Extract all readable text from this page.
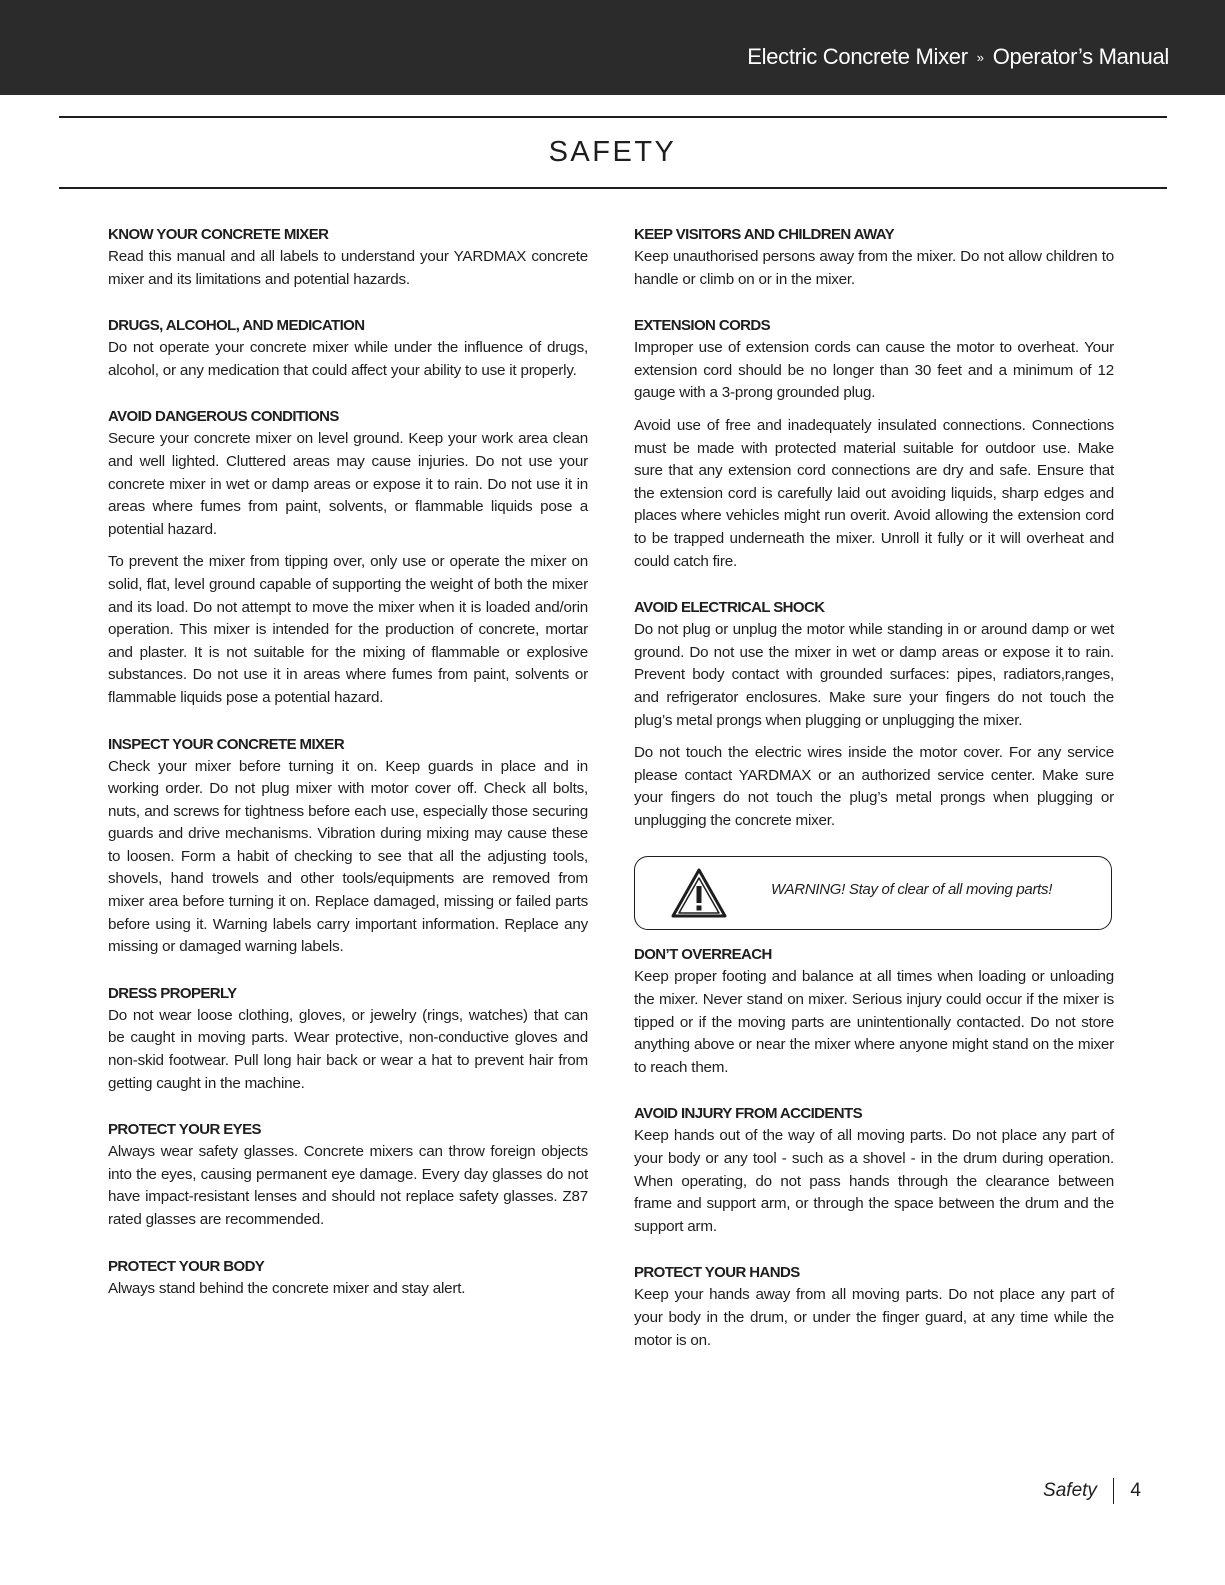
Electric Concrete Mixer » Operator’s Manual
SAFETY
KNOW YOUR CONCRETE MIXER

Read this manual and all labels to understand your YARDMAX concrete mixer and its limitations and potential hazards.

DRUGS, ALCOHOL, AND MEDICATION

Do not operate your concrete mixer while under the influence of drugs, alcohol, or any medication that could affect your ability to use it properly.

AVOID DANGEROUS CONDITIONS

Secure your concrete mixer on level ground. Keep your work area clean and well lighted. Cluttered areas may cause injuries. Do not use your concrete mixer in wet or damp areas or expose it to rain. Do not use it in areas where fumes from paint, solvents, or flammable liquids pose a potential hazard.

To prevent the mixer from tipping over, only use or operate the mixer on solid, flat, level ground capable of supporting the weight of both the mixer and its load. Do not attempt to move the mixer when it is loaded and/orin operation. This mixer is intended for the production of concrete, mortar and plaster. It is not suitable for the mixing of flammable or explosive substances. Do not use it in areas where fumes from paint, solvents or flammable liquids pose a potential hazard.

INSPECT YOUR CONCRETE MIXER

Check your mixer before turning it on. Keep guards in place and in working order. Do not plug mixer with motor cover off. Check all bolts, nuts, and screws for tightness before each use, especially those securing guards and drive mechanisms. Vibration during mixing may cause these to loosen. Form a habit of checking to see that all the adjusting tools, shovels, hand trowels and other tools/equipments are removed from mixer area before turning it on. Replace damaged, missing or failed parts before using it. Warning labels carry important information. Replace any missing or damaged warning labels.

DRESS PROPERLY

Do not wear loose clothing, gloves, or jewelry (rings, watches) that can be caught in moving parts. Wear protective, non-conductive gloves and non-skid footwear. Pull long hair back or wear a hat to prevent hair from getting caught in the machine.

PROTECT YOUR EYES

Always wear safety glasses. Concrete mixers can throw foreign objects into the eyes, causing permanent eye damage. Every day glasses do not have impact-resistant lenses and should not replace safety glasses. Z87 rated glasses are recommended.

PROTECT YOUR BODY

Always stand behind the concrete mixer and stay alert.

KEEP VISITORS AND CHILDREN AWAY

Keep unauthorised persons away from the mixer. Do not allow children to handle or climb on or in the mixer.

EXTENSION CORDS

Improper use of extension cords can cause the motor to overheat. Your extension cord should be no longer than 30 feet and a minimum of 12 gauge with a 3-prong grounded plug.

Avoid use of free and inadequately insulated connections. Connections must be made with protected material suitable for outdoor use. Make sure that any extension cord connections are dry and safe. Ensure that the extension cord is carefully laid out avoiding liquids, sharp edges and places where vehicles might run overit. Avoid allowing the extension cord to be trapped underneath the mixer. Unroll it fully or it will overheat and could catch fire.

AVOID ELECTRICAL SHOCK

Do not plug or unplug the motor while standing in or around damp or wet ground. Do not use the mixer in wet or damp areas or expose it to rain. Prevent body contact with grounded surfaces: pipes, radiators,ranges, and refrigerator enclosures. Make sure your fingers do not touch the plug’s metal prongs when plugging or unplugging the mixer.

Do not touch the electric wires inside the motor cover. For any service please contact YARDMAX or an authorized service center. Make sure your fingers do not touch the plug’s metal prongs when plugging or unplugging the concrete mixer.

WARNING! Stay of clear of all moving parts!
DON’T OVERREACH

Keep proper footing and balance at all times when loading or unloading the mixer. Never stand on mixer. Serious injury could occur if the mixer is tipped or if the moving parts are unintentionally contacted. Do not store anything above or near the mixer where anyone might stand on the mixer to reach them.

AVOID INJURY FROM ACCIDENTS

Keep hands out of the way of all moving parts. Do not place any part of your body or any tool - such as a shovel - in the drum during operation. When operating, do not pass hands through the clearance between frame and support arm, or through the space between the drum and the support arm.

PROTECT YOUR HANDS

Keep your hands away from all moving parts. Do not place any part of your body in the drum, or under the finger guard, at any time while the motor is on.

Safety 4
